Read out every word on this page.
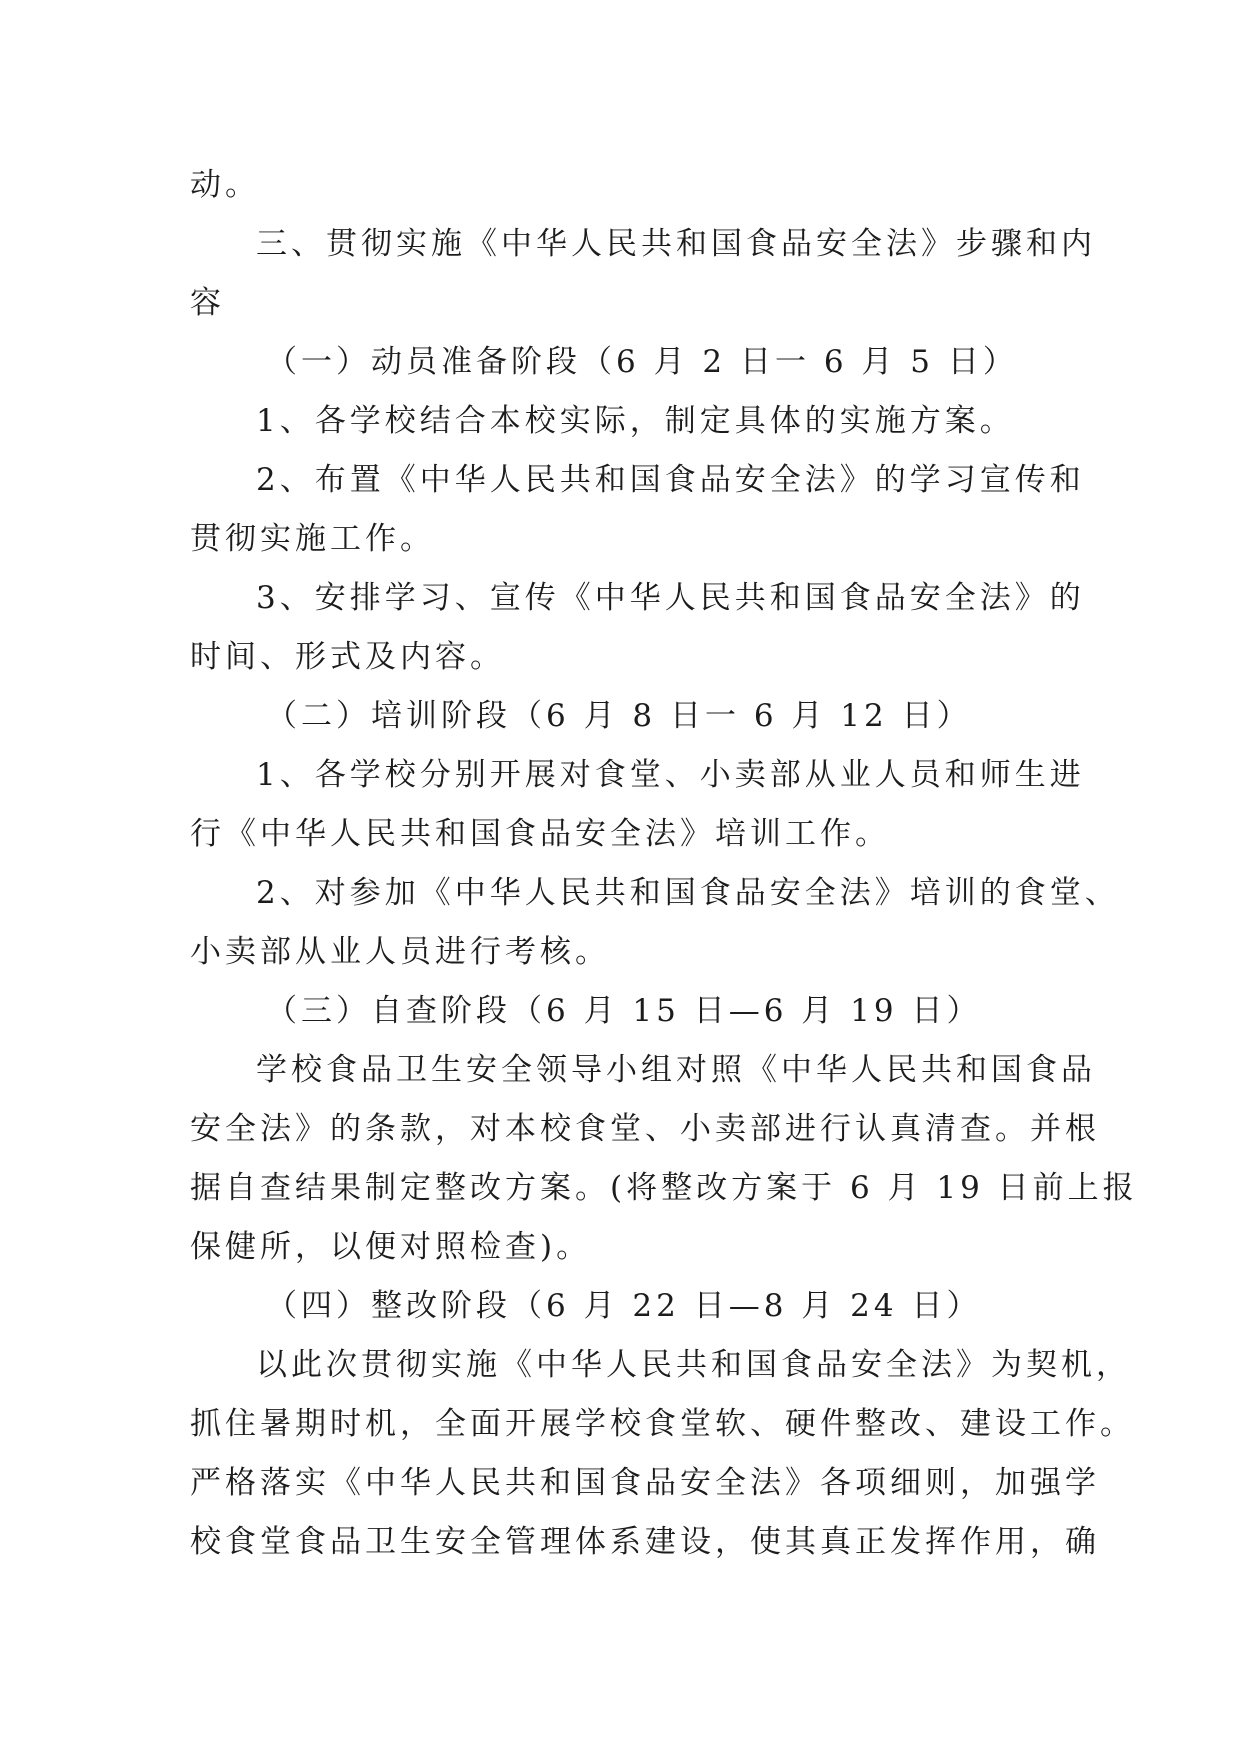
动。
三、贯彻实施《中华人民共和国食品安全法》步骤和内
容
（一）动员准备阶段（6 月 2 日一 6 月 5 日）
1、各学校结合本校实际，制定具体的实施方案。
2、布置《中华人民共和国食品安全法》的学习宣传和
贯彻实施工作。
3、安排学习、宣传《中华人民共和国食品安全法》的
时间、形式及内容。
（二）培训阶段（6 月 8 日一 6 月 12 日）
1、各学校分别开展对食堂、小卖部从业人员和师生进
行《中华人民共和国食品安全法》培训工作。
2、对参加《中华人民共和国食品安全法》培训的食堂、
小卖部从业人员进行考核。
（三）自查阶段（6 月 15 日—6 月 19 日）
学校食品卫生安全领导小组对照《中华人民共和国食品
安全法》的条款，对本校食堂、小卖部进行认真清查。并根
据自查结果制定整改方案。(将整改方案于 6 月 19 日前上报
保健所，以便对照检查)。
（四）整改阶段（6 月 22 日—8 月 24 日）
以此次贯彻实施《中华人民共和国食品安全法》为契机，
抓住暑期时机，全面开展学校食堂软、硬件整改、建设工作。
严格落实《中华人民共和国食品安全法》各项细则，加强学
校食堂食品卫生安全管理体系建设，使其真正发挥作用，确
